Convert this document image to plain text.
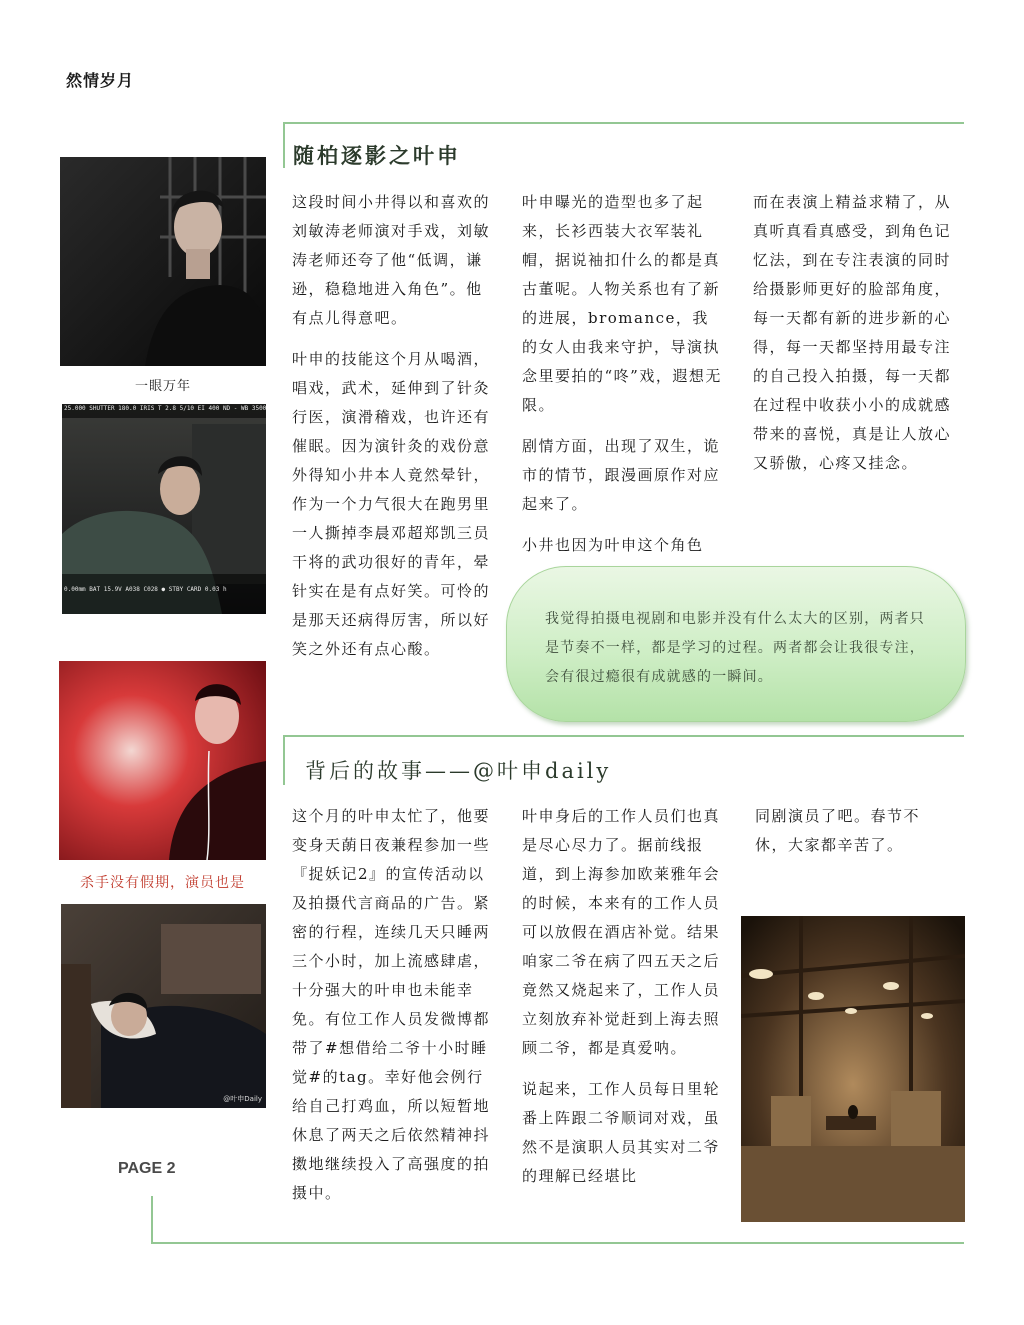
然情岁月
随柏逐影之叶申
一眼万年
25.000 SHUTTER 180.0 IRIS T 2.8 5/10 EI 400 ND - WB 3500
0.00mm BAT 15.9V A038 C028 ● STBY CARD 0.03 h
杀手没有假期，演员也是
@叶申Daily
PAGE 2

这段时间小井得以和喜欢的刘敏涛老师演对手戏，刘敏涛老师还夸了他“低调，谦逊，稳稳地进入角色”。他有点儿得意吧。

叶申的技能这个月从喝酒，唱戏，武术，延伸到了针灸行医，演滑稽戏，也许还有催眠。因为演针灸的戏份意外得知小井本人竟然晕针，作为一个力气很大在跑男里一人撕掉李晨邓超郑凯三员干将的武功很好的青年，晕针实在是有点好笑。可怜的是那天还病得厉害，所以好笑之外还有点心酸。

叶申曝光的造型也多了起来，长衫西装大衣军装礼帽，据说袖扣什么的都是真古董呢。人物关系也有了新的进展，bromance，我的女人由我来守护，导演执念里要拍的“咚”戏，遐想无限。

剧情方面，出现了双生，诡市的情节，跟漫画原作对应起来了。

小井也因为叶申这个角色

而在表演上精益求精了，从真听真看真感受，到角色记忆法，到在专注表演的同时给摄影师更好的脸部角度，每一天都有新的进步新的心得，每一天都坚持用最专注的自己投入拍摄，每一天都在过程中收获小小的成就感带来的喜悦，真是让人放心又骄傲，心疼又挂念。

我觉得拍摄电视剧和电影并没有什么太大的区别，两者只是节奏不一样，都是学习的过程。两者都会让我很专注，会有很过瘾很有成就感的一瞬间。
背后的故事——@叶申daily

这个月的叶申太忙了，他要变身天蓢日夜兼程参加一些『捉妖记2』的宣传活动以及拍摄代言商品的广告。紧密的行程，连续几天只睡两三个小时，加上流感肆虐，十分强大的叶申也未能幸免。有位工作人员发微博都带了#想借给二爷十小时睡觉#的tag。幸好他会例行给自己打鸡血，所以短暂地休息了两天之后依然精神抖擞地继续投入了高强度的拍摄中。

叶申身后的工作人员们也真是尽心尽力了。据前线报道，到上海参加欧莱雅年会的时候，本来有的工作人员可以放假在酒店补觉。结果咱家二爷在病了四五天之后竟然又烧起来了，工作人员立刻放弃补觉赶到上海去照顾二爷，都是真爱呐。

说起来，工作人员每日里轮番上阵跟二爷顺词对戏，虽然不是演职人员其实对二爷的理解已经堪比

同剧演员了吧。春节不休，大家都辛苦了。
